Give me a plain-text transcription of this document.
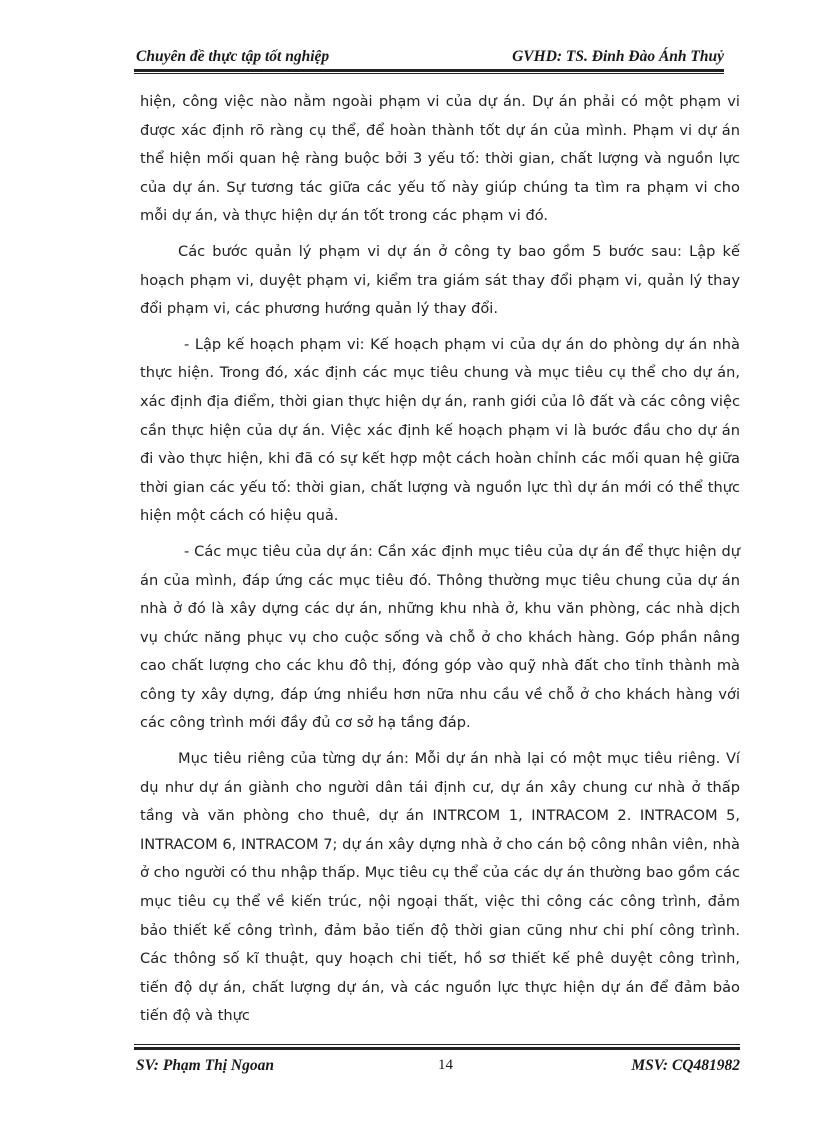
Chuyên đề thực tập tốt nghiệp	GVHD: TS. Đinh Đào Ánh Thuỷ

hiện, công việc nào nằm ngoài phạm vi của dự án. Dự án phải có một phạm vi được xác định rõ ràng cụ thể, để hoàn thành tốt dự án của mình. Phạm vi dự án thể hiện mối quan hệ ràng buộc bởi 3 yếu tố: thời gian, chất lượng và nguồn lực của dự án. Sự tương tác giữa các yếu tố này giúp chúng ta tìm ra phạm vi cho mỗi dự án, và thực hiện dự án tốt trong các phạm vi đó.

Các bước quản lý phạm vi dự án ở công ty bao gồm 5 bước sau: Lập kế hoạch phạm vi, duyệt phạm vi, kiểm tra giám sát thay đổi phạm vi, quản lý thay đổi phạm vi, các phương hướng quản lý thay đổi.

- Lập kế hoạch phạm vi: Kế hoạch phạm vi của dự án do phòng dự án nhà thực hiện. Trong đó, xác định các mục tiêu chung và mục tiêu cụ thể cho dự án, xác định địa điểm, thời gian thực hiện dự án, ranh giới của lô đất và các công việc cần thực hiện của dự án. Việc xác định kế hoạch phạm vi là bước đầu cho dự án đi vào thực hiện, khi đã có sự kết hợp một cách hoàn chỉnh các mối quan hệ giữa thời gian các yếu tố: thời gian, chất lượng và nguồn lực thì dự án mới có thể thực hiện một cách có hiệu quả.

- Các mục tiêu của dự án: Cần xác định mục tiêu của dự án để thực hiện dự án của mình, đáp ứng các mục tiêu đó. Thông thường mục tiêu chung của dự án nhà ở đó là xây dựng các dự án, những khu nhà ở, khu văn phòng, các nhà dịch vụ chức năng phục vụ cho cuộc sống và chỗ ở cho khách hàng. Góp phần nâng cao chất lượng cho các khu đô thị, đóng góp vào quỹ nhà đất cho tỉnh thành mà công ty xây dựng, đáp ứng nhiều hơn nữa nhu cầu về chỗ ở cho khách hàng với các công trình mới đầy đủ cơ sở hạ tầng đáp.

Mục tiêu riêng của từng dự án: Mỗi dự án nhà lại có một mục tiêu riêng. Ví dụ như dự án giành cho người dân tái định cư, dự án xây chung cư nhà ở thấp tầng và văn phòng cho thuê, dự án INTRCOM 1, INTRACOM 2. INTRACOM 5, INTRACOM 6, INTRACOM 7; dự án xây dựng nhà ở cho cán bộ công nhân viên, nhà ở cho người có thu nhập thấp. Mục tiêu cụ thể của các dự án thường bao gồm các mục tiêu cụ thể về kiến trúc, nội ngoại thất, việc thi công các công trình, đảm bảo thiết kế công trình, đảm bảo tiến độ thời gian cũng như chi phí công trình. Các thông số kĩ thuật, quy hoạch chi tiết, hồ sơ thiết kế phê duyệt công trình, tiến độ dự án, chất lượng dự án, và các nguồn lực thực hiện dự án để đảm bảo tiến độ và thực

SV: Phạm Thị Ngoan	14	MSV: CQ481982
